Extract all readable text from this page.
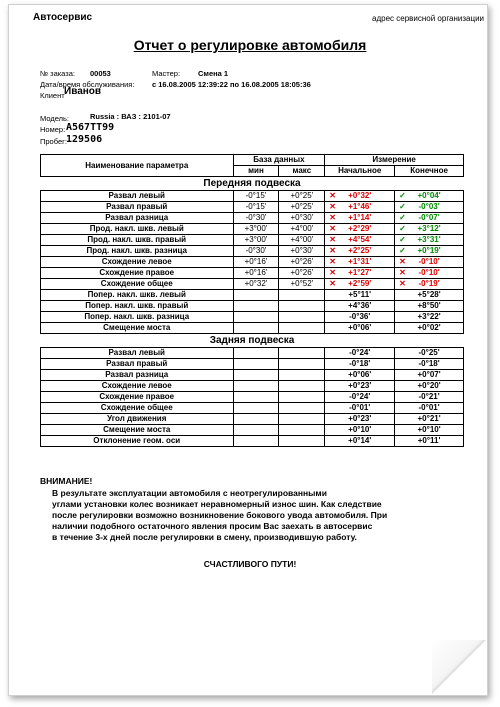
Автосервис	адрес сервисной организации
Отчет о регулировке автомобиля
№ заказа: 00053	Мастер: Смена 1
Дата/время обслуживания: с 16.08.2005 12:39:22 по 16.08.2005 18:05:36
Клиент Иванов
Модель:	Russia : ВАЗ : 2101-07
Номер: А567ТТ99
Пробег: 129506
Наименование параметра	База данных		Измерение	
	мин	макс	Начальное	Конечное
Передняя подвеска				
Развал левый	-0°15'	+0°25'	✕ +0°32'	✓ +0°04'
Развал правый	-0°15'	+0°25'	✕ +1°46'	✓ -0°03'
Развал разница	-0°30'	+0°30'	✕ +1°14'	✓ -0°07'
Прод. накл. шкв. левый	+3°00'	+4°00'	✕ +2°29'	✓ +3°12'
Прод. накл. шкв. правый	+3°00'	+4°00'	✕ +4°54'	✓ +3°31'
Прод. накл. шкв. разница	-0°30'	+0°30'	✕ +2°25'	✓ +0°19'
Схождение левое	+0°16'	+0°26'	✕ +1°31'	✕ -0°10'
Схождение правое	+0°16'	+0°26'	✕ +1°27'	✕ -0°10'
Схождение общее	+0°32'	+0°52'	✕ +2°59'	✕ -0°19'
Попер. накл. шкв. левый			+5°11'	+5°28'
Попер. накл. шкв. правый			+4°36'	+8°50'
Попер. накл. шкв. разница			-0°36'	+3°22'
Смещение моста			+0°06'	+0°02'
Задняя подвеска				
Развал левый			-0°24'	-0°25'
Развал правый			-0°18'	-0°18'
Развал разница			+0°06'	+0°07'
Схождение левое			+0°23'	+0°20'
Схождение правое			-0°24'	-0°21'
Схождение общее			-0°01'	-0°01'
Угол движения			+0°23'	+0°21'
Смещение моста			+0°10'	+0°10'
Отклонение геом. оси			+0°14'	+0°11'
ВНИМАНИЕ!
В результате эксплуатации автомобиля с неотрегулированными
углами установки колес возникает неравномерный износ шин. Как следствие
после регулировки возможно возникновение бокового увода автомобиля. При
наличии подобного остаточного явления просим Вас заехать в автосервис
в течение 3-х дней после регулировки в смену, производившую работу.
СЧАСТЛИВОГО ПУТИ!
